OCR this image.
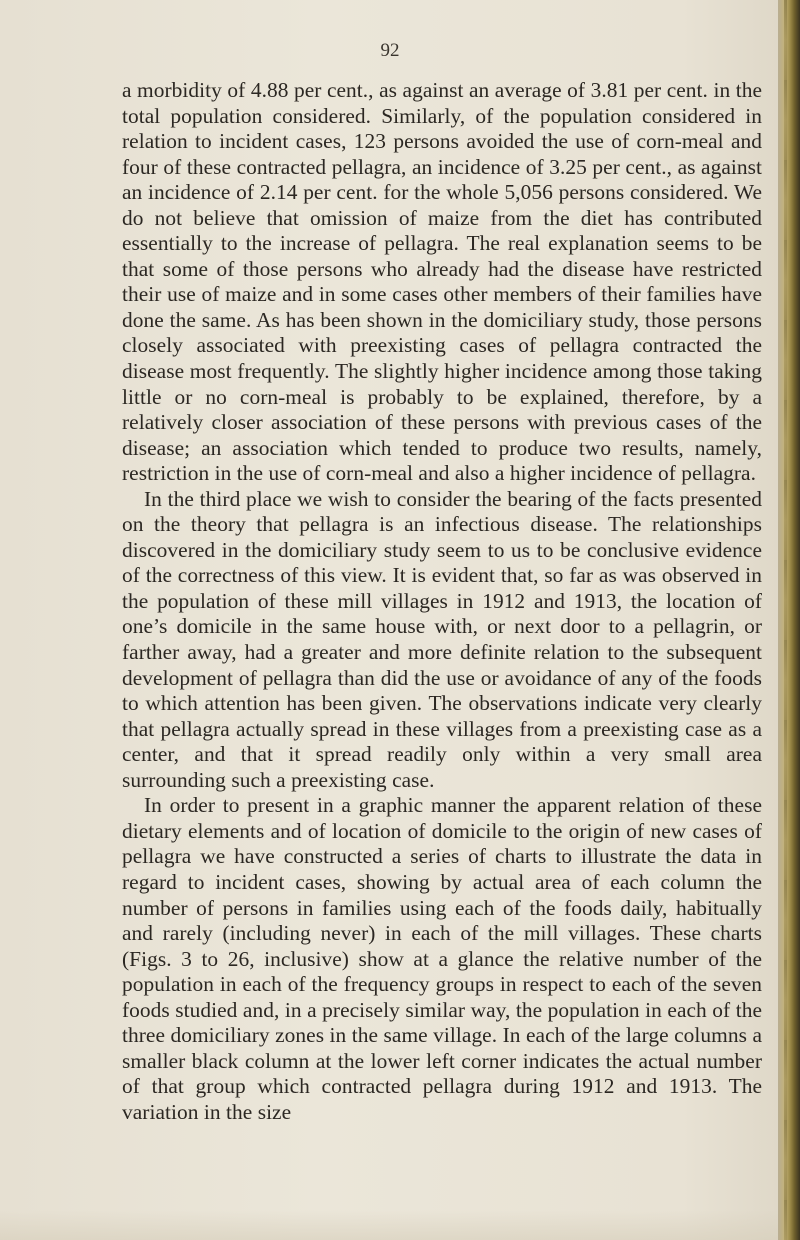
92

a morbidity of 4.88 per cent., as against an average of 3.81 per cent. in the total population considered. Similarly, of the population considered in relation to incident cases, 123 persons avoided the use of corn-meal and four of these contracted pellagra, an incidence of 3.25 per cent., as against an incidence of 2.14 per cent. for the whole 5,056 persons considered. We do not believe that omission of maize from the diet has contributed essentially to the increase of pellagra. The real explanation seems to be that some of those persons who already had the disease have restricted their use of maize and in some cases other members of their families have done the same. As has been shown in the domiciliary study, those persons closely associated with preexisting cases of pellagra contracted the disease most frequently. The slightly higher incidence among those taking little or no corn-meal is probably to be explained, therefore, by a relatively closer association of these persons with previous cases of the disease; an association which tended to produce two results, namely, restriction in the use of corn-meal and also a higher incidence of pellagra.

In the third place we wish to consider the bearing of the facts presented on the theory that pellagra is an infectious disease. The relationships discovered in the domiciliary study seem to us to be conclusive evidence of the correctness of this view. It is evident that, so far as was observed in the population of these mill villages in 1912 and 1913, the location of one’s domicile in the same house with, or next door to a pellagrin, or farther away, had a greater and more definite relation to the subsequent development of pellagra than did the use or avoidance of any of the foods to which attention has been given. The observations indicate very clearly that pellagra actually spread in these villages from a preexisting case as a center, and that it spread readily only within a very small area surrounding such a preexisting case.

In order to present in a graphic manner the apparent relation of these dietary elements and of location of domicile to the origin of new cases of pellagra we have constructed a series of charts to illustrate the data in regard to incident cases, showing by actual area of each column the number of persons in families using each of the foods daily, habitually and rarely (including never) in each of the mill villages. These charts (Figs. 3 to 26, inclusive) show at a glance the relative number of the population in each of the frequency groups in respect to each of the seven foods studied and, in a precisely similar way, the population in each of the three domiciliary zones in the same village. In each of the large columns a smaller black column at the lower left corner indicates the actual number of that group which contracted pellagra during 1912 and 1913. The variation in the size
